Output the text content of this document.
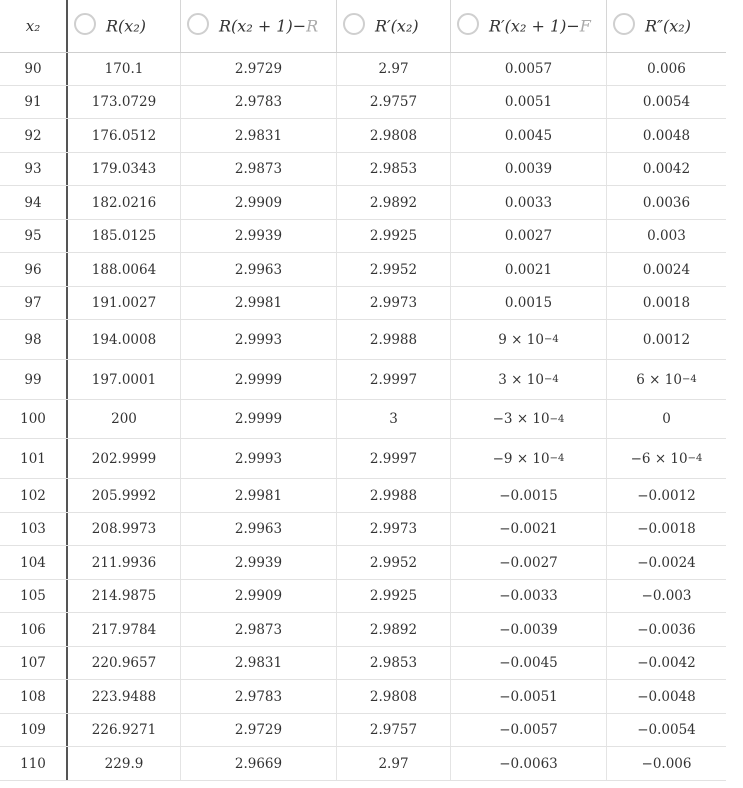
x₂	R(x₂)	R(x₂ + 1)−R	R′(x₂)	R′(x₂ + 1)−F	R″(x₂)
90	170.1	2.9729	2.97	0.0057	0.006
91	173.0729	2.9783	2.9757	0.0051	0.0054
92	176.0512	2.9831	2.9808	0.0045	0.0048
93	179.0343	2.9873	2.9853	0.0039	0.0042
94	182.0216	2.9909	2.9892	0.0033	0.0036
95	185.0125	2.9939	2.9925	0.0027	0.003
96	188.0064	2.9963	2.9952	0.0021	0.0024
97	191.0027	2.9981	2.9973	0.0015	0.0018
98	194.0008	2.9993	2.9988	9 × 10 −4	0.0012
99	197.0001	2.9999	2.9997	3 × 10 −4	6 × 10 −4
100	200	2.9999	3	−3 × 10 −4	0
101	202.9999	2.9993	2.9997	−9 × 10 −4	−6 × 10 −4
102	205.9992	2.9981	2.9988	−0.0015	−0.0012
103	208.9973	2.9963	2.9973	−0.0021	−0.0018
104	211.9936	2.9939	2.9952	−0.0027	−0.0024
105	214.9875	2.9909	2.9925	−0.0033	−0.003
106	217.9784	2.9873	2.9892	−0.0039	−0.0036
107	220.9657	2.9831	2.9853	−0.0045	−0.0042
108	223.9488	2.9783	2.9808	−0.0051	−0.0048
109	226.9271	2.9729	2.9757	−0.0057	−0.0054
110	229.9	2.9669	2.97	−0.0063	−0.006
